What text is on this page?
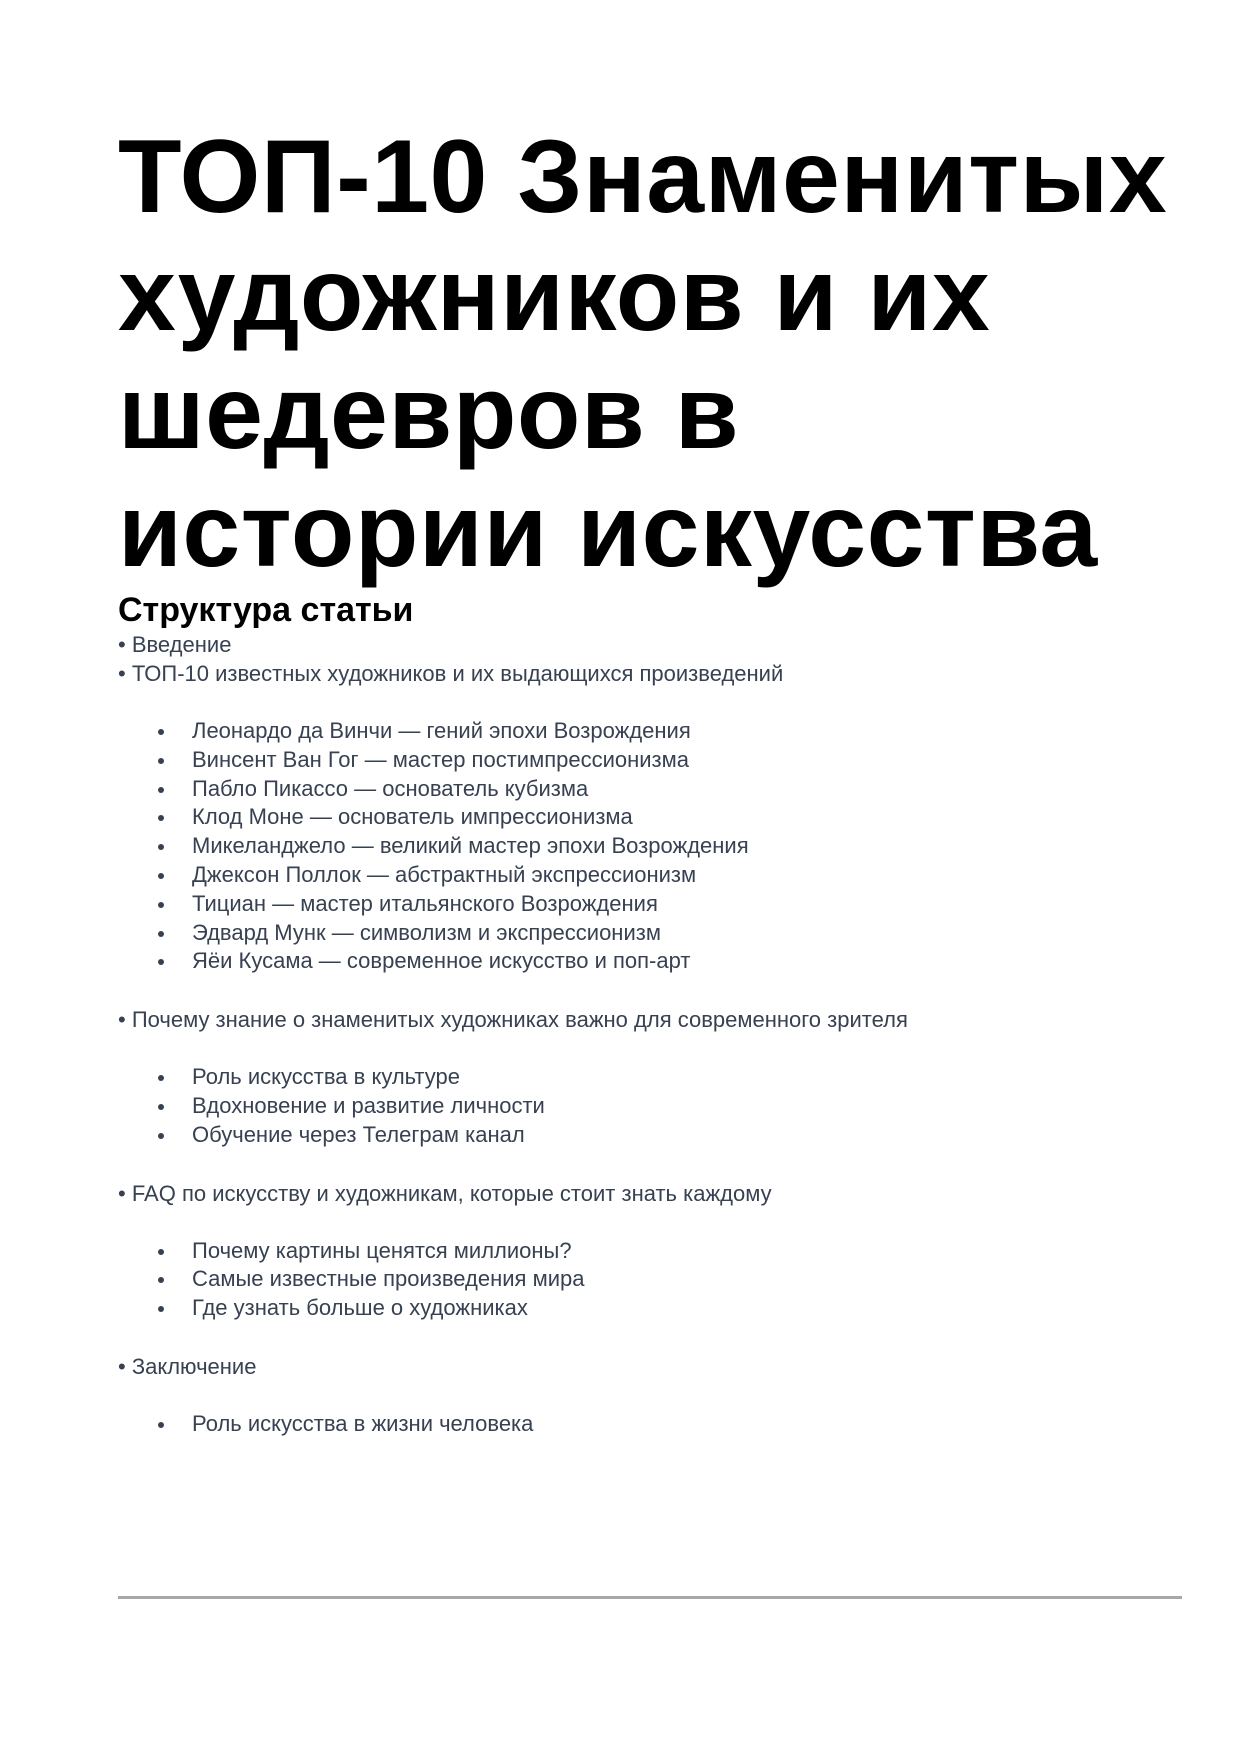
ТОП-10 Знаменитых художников и их шедевров в истории искусства
Структура статьи

• Введение

• ТОП-10 известных художников и их выдающихся произведений

Леонардо да Винчи — гений эпохи Возрождения
Винсент Ван Гог — мастер постимпрессионизма
Пабло Пикассо — основатель кубизма
Клод Моне — основатель импрессионизма
Микеланджело — великий мастер эпохи Возрождения
Джексон Поллок — абстрактный экспрессионизм
Тициан — мастер итальянского Возрождения
Эдвард Мунк — символизм и экспрессионизм
Яёи Кусама — современное искусство и поп-арт

• Почему знание о знаменитых художниках важно для современного зрителя

Роль искусства в культуре
Вдохновение и развитие личности
Обучение через Телеграм канал

• FAQ по искусству и художникам, которые стоит знать каждому

Почему картины ценятся миллионы?
Самые известные произведения мира
Где узнать больше о художниках

• Заключение

Роль искусства в жизни человека
